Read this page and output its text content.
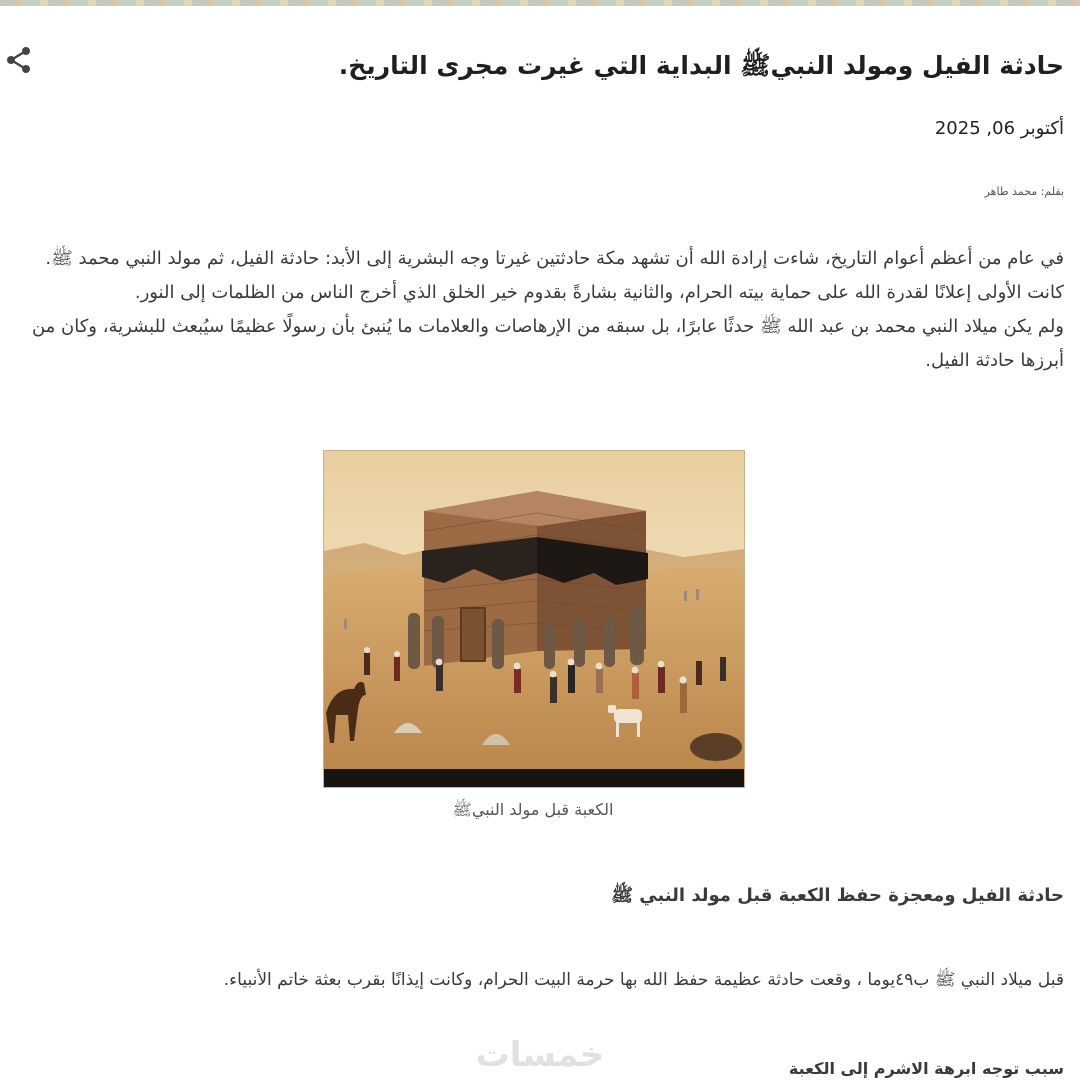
حادثة الفيل ومولد النبيﷺ البداية التي غيرت مجرى التاريخ.
أكتوبر 06, 2025
بقلم: محمد طاهر

في عام من أعظم أعوام التاريخ، شاءت إرادة الله أن تشهد مكة حادثتين غيرتا وجه البشرية إلى الأبد: حادثة الفيل، ثم مولد النبي محمد ﷺ.

كانت الأولى إعلانًا لقدرة الله على حماية بيته الحرام، والثانية بشارةً بقدوم خير الخلق الذي أخرج الناس من الظلمات إلى النور.

ولم يكن ميلاد النبي محمد بن عبد الله ﷺ حدثًا عابرًا، بل سبقه من الإرهاصات والعلامات ما يُنبئ بأن رسولًا عظيمًا سيُبعث للبشرية، وكان من أبرزها حادثة الفيل.

الكعبة قبل مولد النبيﷺ
حادثة الفيل ومعجزة حفظ الكعبة قبل مولد النبي ﷺ

قبل ميلاد النبي ﷺ ب٤٩يوما ، وقعت حادثة عظيمة حفظ الله بها حرمة البيت الحرام، وكانت إيذانًا بقرب بعثة خاتم الأنبياء.

خمسات	سبب توجه ابرهة الاشرم إلى الكعبة
